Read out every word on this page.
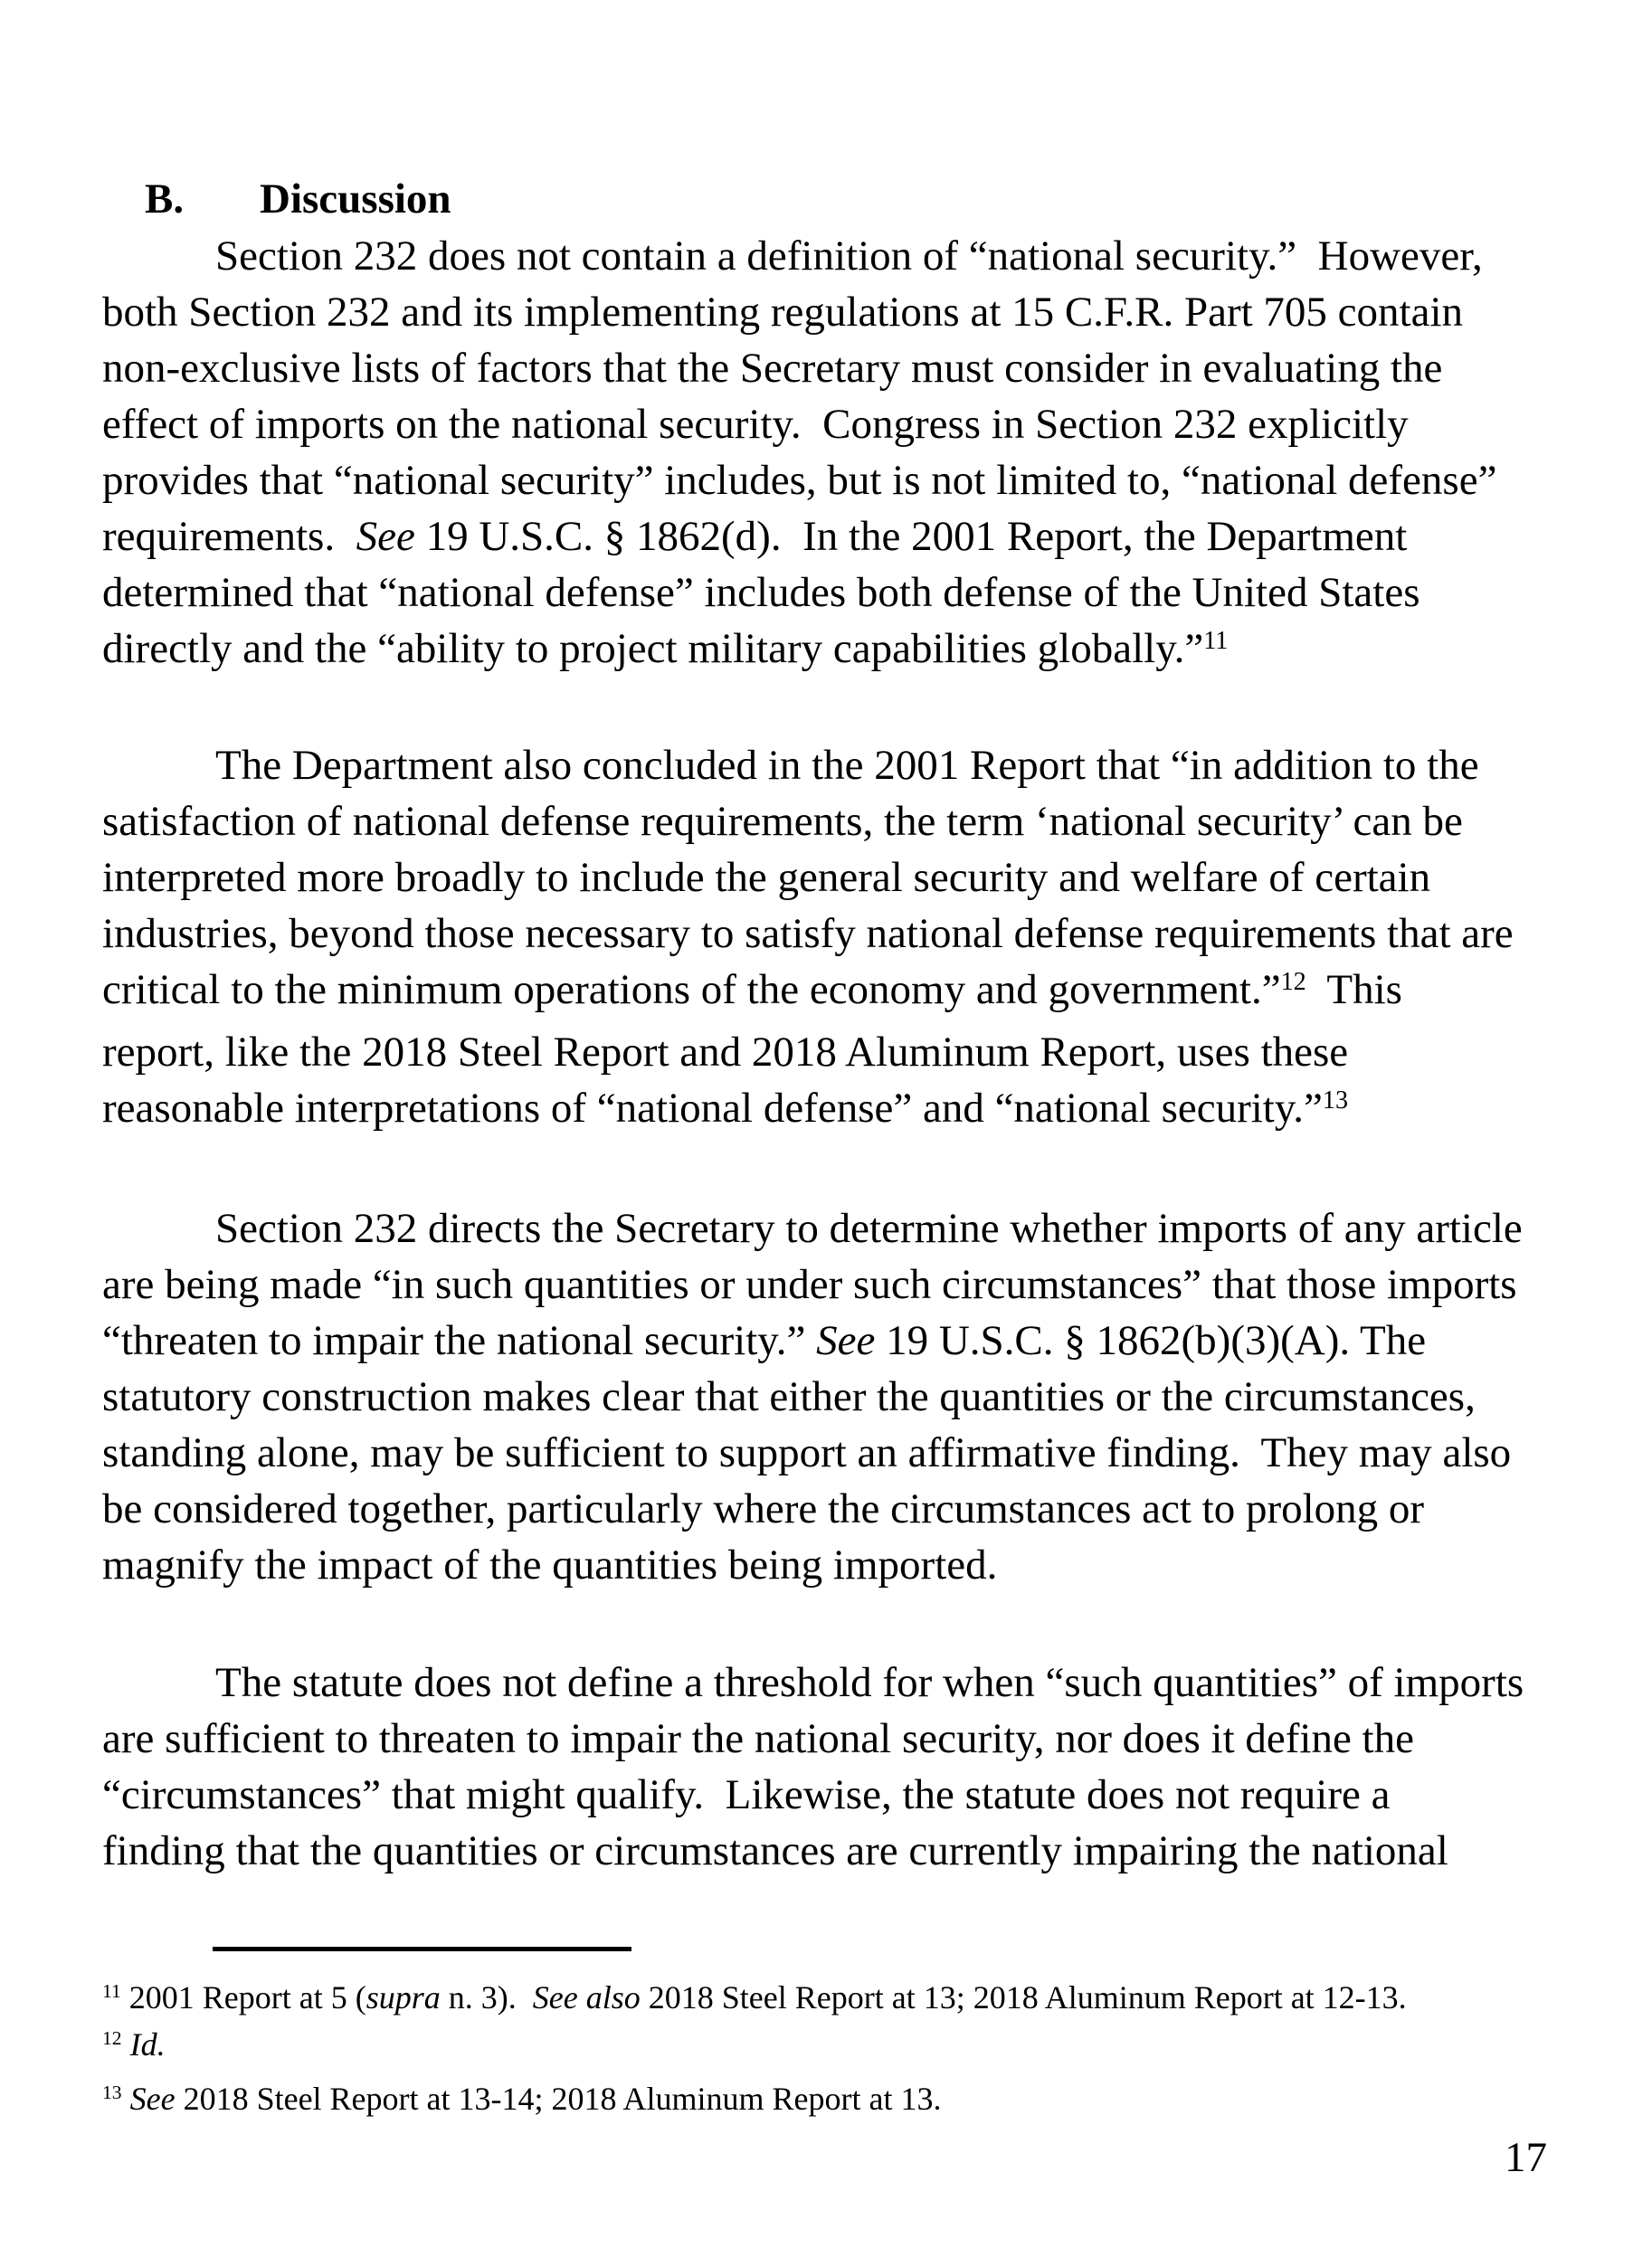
B. Discussion

Section 232 does not contain a definition of “national security.”  However,
both Section 232 and its implementing regulations at 15 C.F.R. Part 705 contain
non-exclusive lists of factors that the Secretary must consider in evaluating the
effect of imports on the national security.  Congress in Section 232 explicitly
provides that “national security” includes, but is not limited to, “national defense”
requirements.  See 19 U.S.C. § 1862(d).  In the 2001 Report, the Department
determined that “national defense” includes both defense of the United States
directly and the “ability to project military capabilities globally.”$^{11}$
The Department also concluded in the 2001 Report that “in addition to the
satisfaction of national defense requirements, the term ‘national security’ can be
interpreted more broadly to include the general security and welfare of certain
industries, beyond those necessary to satisfy national defense requirements that are
critical to the minimum operations of the economy and government.”$^{12}$  This
report, like the 2018 Steel Report and 2018 Aluminum Report, uses these
reasonable interpretations of “national defense” and “national security.”$^{13}$
Section 232 directs the Secretary to determine whether imports of any article
are being made “in such quantities or under such circumstances” that those imports
“threaten to impair the national security.” See 19 U.S.C. § 1862(b)(3)(A). The
statutory construction makes clear that either the quantities or the circumstances,
standing alone, may be sufficient to support an affirmative finding.  They may also
be considered together, particularly where the circumstances act to prolong or
magnify the impact of the quantities being imported.
The statute does not define a threshold for when “such quantities” of imports
are sufficient to threaten to impair the national security, nor does it define the
“circumstances” that might qualify.  Likewise, the statute does not require a
finding that the quantities or circumstances are currently impairing the national
$^{11}$ 2001 Report at 5 (supra n. 3).  See also 2018 Steel Report at 13; 2018 Aluminum Report at 12-13.
$^{12}$ Id.
$^{13}$ See 2018 Steel Report at 13-14; 2018 Aluminum Report at 13.
17
